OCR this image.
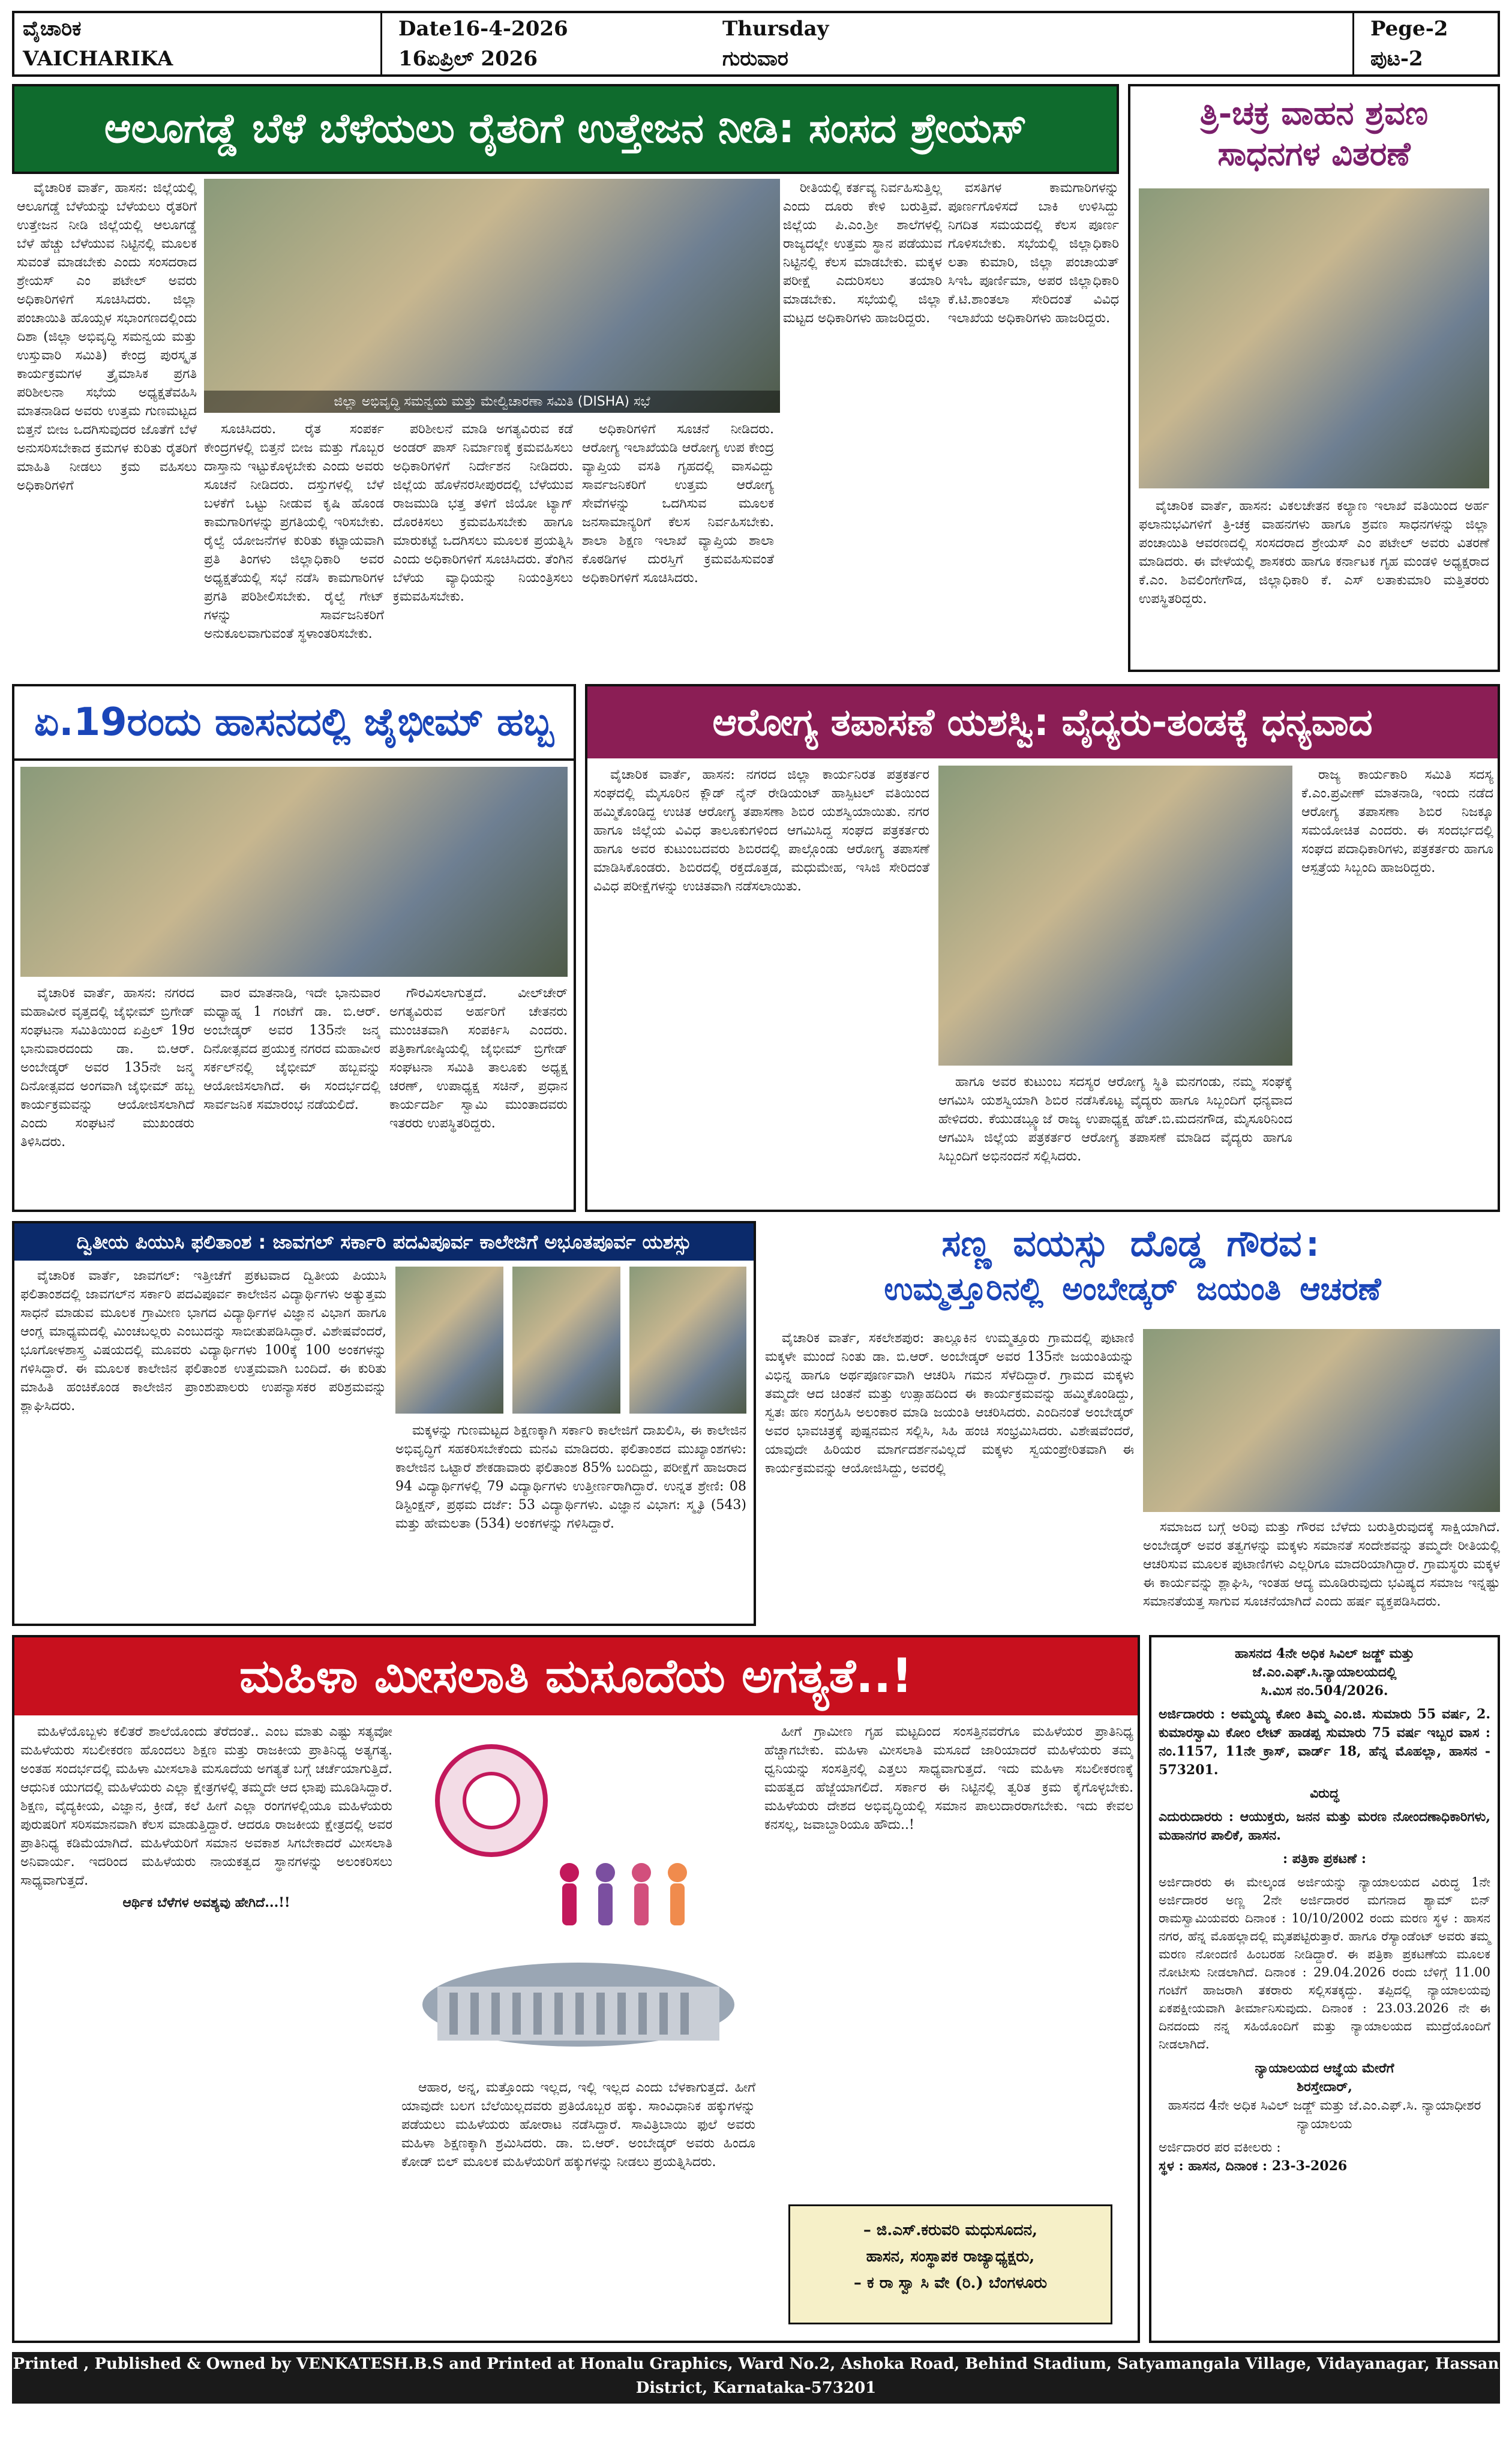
ವೈಚಾರಿಕ
VAICHARIKA
Date16-4-2026
16ಏಪ್ರಿಲ್ 2026
Thursday
ಗುರುವಾರ
Pege-2
ಪುಟ-2
ಆಲೂಗಡ್ಡೆ ಬೆಳೆ ಬೆಳೆಯಲು ರೈತರಿಗೆ ಉತ್ತೇಜನ ನೀಡಿ: ಸಂಸದ ಶ್ರೇಯಸ್

ವೈಚಾರಿಕ ವಾರ್ತೆ, ಹಾಸನ: ಜಿಲ್ಲೆಯಲ್ಲಿ ಆಲೂಗಡ್ಡೆ ಬೆಳೆಯನ್ನು ಬೆಳೆಯಲು ರೈತರಿಗೆ ಉತ್ತೇಜನ ನೀಡಿ ಜಿಲ್ಲೆಯಲ್ಲಿ ಆಲೂಗಡ್ಡೆ ಬೆಳೆ ಹೆಚ್ಚು ಬೆಳೆಯುವ ನಿಟ್ಟಿನಲ್ಲಿ ಮೂಲಕ ಸುವಂತೆ ಮಾಡಬೇಕು ಎಂದು ಸಂಸದರಾದ ಶ್ರೇಯಸ್ ಎಂ ಪಟೇಲ್ ಅವರು ಅಧಿಕಾರಿಗಳಿಗೆ ಸೂಚಿಸಿದರು. ಜಿಲ್ಲಾ ಪಂಚಾಯಿತಿ ಹೊಯ್ಸಳ ಸಭಾಂಗಣದಲ್ಲಿಂದು ದಿಶಾ (ಜಿಲ್ಲಾ ಅಭಿವೃದ್ಧಿ ಸಮನ್ವಯ ಮತ್ತು ಉಸ್ತುವಾರಿ ಸಮಿತಿ) ಕೇಂದ್ರ ಪುರಸ್ಕೃತ ಕಾರ್ಯಕ್ರಮಗಳ ತ್ರೈಮಾಸಿಕ ಪ್ರಗತಿ ಪರಿಶೀಲನಾ ಸಭೆಯ ಅಧ್ಯಕ್ಷತೆವಹಿಸಿ ಮಾತನಾಡಿದ ಅವರು ಉತ್ತಮ ಗುಣಮಟ್ಟದ ಬಿತ್ತನೆ ಬೀಜ ಒದಗಿಸುವುದರ ಜೊತೆಗೆ ಬೆಳೆ ಅನುಸರಿಸಬೇಕಾದ ಕ್ರಮಗಳ ಕುರಿತು ರೈತರಿಗೆ ಮಾಹಿತಿ ನೀಡಲು ಕ್ರಮ ವಹಿಸಲು ಅಧಿಕಾರಿಗಳಿಗೆ

ಜಿಲ್ಲಾ ಅಭಿವೃದ್ಧಿ ಸಮನ್ವಯ ಮತ್ತು ಮೇಲ್ವಿಚಾರಣಾ ಸಮಿತಿ (DISHA) ಸಭೆ

ಸೂಚಿಸಿದರು. ರೈತ ಸಂಪರ್ಕ ಕೇಂದ್ರಗಳಲ್ಲಿ ಬಿತ್ತನೆ ಬೀಜ ಮತ್ತು ಗೊಬ್ಬರ ದಾಸ್ತಾನು ಇಟ್ಟುಕೊಳ್ಳಬೇಕು ಎಂದು ಅವರು ಸೂಚನೆ ನೀಡಿದರು. ದಸ್ತುಗಳಲ್ಲಿ ಬೆಳೆ ಬಳಕೆಗೆ ಒಟ್ಟು ನೀಡುವ ಕೃಷಿ ಹೊಂಡ ಕಾಮಗಾರಿಗಳನ್ನು ಪ್ರಗತಿಯಲ್ಲಿ ಇರಿಸಬೇಕು. ರೈಲ್ವೆ ಯೋಜನೆಗಳ ಕುರಿತು ಕಟ್ಟಾಯವಾಗಿ ಪ್ರತಿ ತಿಂಗಳು ಜಿಲ್ಲಾಧಿಕಾರಿ ಅವರ ಅಧ್ಯಕ್ಷತೆಯಲ್ಲಿ ಸಭೆ ನಡೆಸಿ ಕಾಮಗಾರಿಗಳ ಪ್ರಗತಿ ಪರಿಶೀಲಿಸಬೇಕು. ರೈಲ್ವೆ ಗೇಟ್ ಗಳನ್ನು ಸಾರ್ವಜನಿಕರಿಗೆ ಅನುಕೂಲವಾಗುವಂತೆ ಸ್ಥಳಾಂತರಿಸಬೇಕು.

ಪರಿಶೀಲನೆ ಮಾಡಿ ಅಗತ್ಯವಿರುವ ಕಡೆ ಅಂಡರ್ ಪಾಸ್ ನಿರ್ಮಾಣಕ್ಕೆ ಕ್ರಮವಹಿಸಲು ಅಧಿಕಾರಿಗಳಿಗೆ ನಿರ್ದೇಶನ ನೀಡಿದರು. ಜಿಲ್ಲೆಯ ಹೊಳೆನರಸೀಪುರದಲ್ಲಿ ಬೆಳೆಯುವ ರಾಜಮುಡಿ ಭತ್ತ ತಳಿಗೆ ಜಿಯೋ ಟ್ಯಾಗ್ ದೊರಕಿಸಲು ಕ್ರಮವಹಿಸಬೇಕು ಹಾಗೂ ಮಾರುಕಟ್ಟೆ ಒದಗಿಸಲು ಮೂಲಕ ಪ್ರಯತ್ನಿಸಿ ಎಂದು ಅಧಿಕಾರಿಗಳಿಗೆ ಸೂಚಿಸಿದರು. ತೆಂಗಿನ ಬೆಳೆಯ ವ್ಯಾಧಿಯನ್ನು ನಿಯಂತ್ರಿಸಲು ಕ್ರಮವಹಿಸಬೇಕು.

ಅಧಿಕಾರಿಗಳಿಗೆ ಸೂಚನೆ ನೀಡಿದರು. ಆರೋಗ್ಯ ಇಲಾಖೆಯಡಿ ಆರೋಗ್ಯ ಉಪ ಕೇಂದ್ರ ವ್ಯಾಪ್ತಿಯ ವಸತಿ ಗೃಹದಲ್ಲಿ ವಾಸವಿದ್ದು ಸಾರ್ವಜನಿಕರಿಗೆ ಉತ್ತಮ ಆರೋಗ್ಯ ಸೇವೆಗಳನ್ನು ಒದಗಿಸುವ ಮೂಲಕ ಜನಸಾಮಾನ್ಯರಿಗೆ ಕೆಲಸ ನಿರ್ವಹಿಸಬೇಕು. ಶಾಲಾ ಶಿಕ್ಷಣ ಇಲಾಖೆ ವ್ಯಾಪ್ತಿಯ ಶಾಲಾ ಕೊಠಡಿಗಳ ದುರಸ್ತಿಗೆ ಕ್ರಮವಹಿಸುವಂತೆ ಅಧಿಕಾರಿಗಳಿಗೆ ಸೂಚಿಸಿದರು.

ರೀತಿಯಲ್ಲಿ ಕರ್ತವ್ಯ ನಿರ್ವಹಿಸುತ್ತಿಲ್ಲ ಎಂದು ದೂರು ಕೇಳಿ ಬರುತ್ತಿವೆ. ಜಿಲ್ಲೆಯ ಪಿ.ಎಂ.ಶ್ರೀ ಶಾಲೆಗಳಲ್ಲಿ ರಾಜ್ಯದಲ್ಲೇ ಉತ್ತಮ ಸ್ಥಾನ ಪಡೆಯುವ ನಿಟ್ಟಿನಲ್ಲಿ ಕೆಲಸ ಮಾಡಬೇಕು. ಮಕ್ಕಳ ಪರೀಕ್ಷೆ ಎದುರಿಸಲು ತಯಾರಿ ಮಾಡಬೇಕು. ಸಭೆಯಲ್ಲಿ ಜಿಲ್ಲಾ ಮಟ್ಟದ ಅಧಿಕಾರಿಗಳು ಹಾಜರಿದ್ದರು.

ವಸತಿಗಳ ಕಾಮಗಾರಿಗಳನ್ನು ಪೂರ್ಣಗೊಳಿಸದೆ ಬಾಕಿ ಉಳಿಸಿದ್ದು ನಿಗದಿತ ಸಮಯದಲ್ಲಿ ಕೆಲಸ ಪೂರ್ಣ ಗೊಳಿಸಬೇಕು. ಸಭೆಯಲ್ಲಿ ಜಿಲ್ಲಾಧಿಕಾರಿ ಲತಾ ಕುಮಾರಿ, ಜಿಲ್ಲಾ ಪಂಚಾಯತ್ ಸಿಇಓ ಪೂರ್ಣಿಮಾ, ಅಪರ ಜಿಲ್ಲಾಧಿಕಾರಿ ಕೆ.ಟಿ.ಶಾಂತಲಾ ಸೇರಿದಂತೆ ವಿವಿಧ ಇಲಾಖೆಯ ಅಧಿಕಾರಿಗಳು ಹಾಜರಿದ್ದರು.

ತ್ರಿ-ಚಕ್ರ ವಾಹನ ಶ್ರವಣ
ಸಾಧನಗಳ ವಿತರಣೆ

ವೈಚಾರಿಕ ವಾರ್ತೆ, ಹಾಸನ: ವಿಕಲಚೇತನ ಕಲ್ಯಾಣ ಇಲಾಖೆ ವತಿಯಿಂದ ಅರ್ಹ ಫಲಾನುಭವಿಗಳಿಗೆ ತ್ರಿ-ಚಕ್ರ ವಾಹನಗಳು ಹಾಗೂ ಶ್ರವಣ ಸಾಧನಗಳನ್ನು ಜಿಲ್ಲಾ ಪಂಚಾಯಿತಿ ಆವರಣದಲ್ಲಿ ಸಂಸದರಾದ ಶ್ರೇಯಸ್ ಎಂ ಪಟೇಲ್ ಅವರು ವಿತರಣೆ ಮಾಡಿದರು. ಈ ವೇಳೆಯಲ್ಲಿ ಶಾಸಕರು ಹಾಗೂ ಕರ್ನಾಟಕ ಗೃಹ ಮಂಡಳಿ ಅಧ್ಯಕ್ಷರಾದ ಕೆ.ಎಂ. ಶಿವಲಿಂಗೇಗೌಡ, ಜಿಲ್ಲಾಧಿಕಾರಿ ಕೆ. ಎಸ್ ಲತಾಕುಮಾರಿ ಮತ್ತಿತರರು ಉಪಸ್ಥಿತರಿದ್ದರು.

ಏ.19ರಂದು ಹಾಸನದಲ್ಲಿ ಜೈಭೀಮ್ ಹಬ್ಬ

ವೈಚಾರಿಕ ವಾರ್ತೆ, ಹಾಸನ: ನಗರದ ಮಹಾವೀರ ವೃತ್ತದಲ್ಲಿ ಜೈಭೀಮ್ ಬ್ರಿಗೇಡ್ ಸಂಘಟನಾ ಸಮಿತಿಯಿಂದ ಏಪ್ರಿಲ್ 19ರ ಭಾನುವಾರದಂದು ಡಾ. ಬಿ.ಆರ್. ಅಂಬೇಡ್ಕರ್ ಅವರ 135ನೇ ಜನ್ಮ ದಿನೋತ್ಸವದ ಅಂಗವಾಗಿ ಜೈಭೀಮ್ ಹಬ್ಬ ಕಾರ್ಯಕ್ರಮವನ್ನು ಆಯೋಜಿಸಲಾಗಿದೆ ಎಂದು ಸಂಘಟನೆ ಮುಖಂಡರು ತಿಳಿಸಿದರು.

ವಾರ ಮಾತನಾಡಿ, ಇದೇ ಭಾನುವಾರ ಮಧ್ಯಾಹ್ನ 1 ಗಂಟೆಗೆ ಡಾ. ಬಿ.ಆರ್. ಅಂಬೇಡ್ಕರ್ ಅವರ 135ನೇ ಜನ್ಮ ದಿನೋತ್ಸವದ ಪ್ರಯುಕ್ತ ನಗರದ ಮಹಾವೀರ ಸರ್ಕಲ್‌ನಲ್ಲಿ ಜೈಭೀಮ್ ಹಬ್ಬವನ್ನು ಆಯೋಜಿಸಲಾಗಿದೆ. ಈ ಸಂದರ್ಭದಲ್ಲಿ ಸಾರ್ವಜನಿಕ ಸಮಾರಂಭ ನಡೆಯಲಿದೆ.

ಗೌರವಿಸಲಾಗುತ್ತದೆ. ವೀಲ್‌ಚೇರ್ ಅಗತ್ಯವಿರುವ ಅರ್ಹರಿಗೆ ಚೇತನರು ಮುಂಚಿತವಾಗಿ ಸಂಪರ್ಕಿಸಿ ಎಂದರು. ಪತ್ರಿಕಾಗೋಷ್ಠಿಯಲ್ಲಿ ಜೈಭೀಮ್ ಬ್ರಿಗೇಡ್ ಸಂಘಟನಾ ಸಮಿತಿ ತಾಲೂಕು ಅಧ್ಯಕ್ಷ ಚರಣ್, ಉಪಾಧ್ಯಕ್ಷ ಸಚಿನ್, ಪ್ರಧಾನ ಕಾರ್ಯದರ್ಶಿ ಸ್ವಾಮಿ ಮುಂತಾದವರು ಇತರರು ಉಪಸ್ಥಿತರಿದ್ದರು.

ಆರೋಗ್ಯ ತಪಾಸಣೆ ಯಶಸ್ವಿ: ವೈದ್ಯರು-ತಂಡಕ್ಕೆ ಧನ್ಯವಾದ

ವೈಚಾರಿಕ ವಾರ್ತೆ, ಹಾಸನ: ನಗರದ ಜಿಲ್ಲಾ ಕಾರ್ಯನಿರತ ಪತ್ರಕರ್ತರ ಸಂಘದಲ್ಲಿ ಮೈಸೂರಿನ ಕ್ಲೌಡ್ ನೈನ್ ರೇಡಿಯಂಟ್ ಹಾಸ್ಪಿಟಲ್ ವತಿಯಿಂದ ಹಮ್ಮಿಕೊಂಡಿದ್ದ ಉಚಿತ ಆರೋಗ್ಯ ತಪಾಸಣಾ ಶಿಬಿರ ಯಶಸ್ವಿಯಾಯಿತು. ನಗರ ಹಾಗೂ ಜಿಲ್ಲೆಯ ವಿವಿಧ ತಾಲೂಕುಗಳಿಂದ ಆಗಮಿಸಿದ್ದ ಸಂಘದ ಪತ್ರಕರ್ತರು ಹಾಗೂ ಅವರ ಕುಟುಂಬದವರು ಶಿಬಿರದಲ್ಲಿ ಪಾಲ್ಗೊಂಡು ಆರೋಗ್ಯ ತಪಾಸಣೆ ಮಾಡಿಸಿಕೊಂಡರು. ಶಿಬಿರದಲ್ಲಿ ರಕ್ತದೊತ್ತಡ, ಮಧುಮೇಹ, ಇಸಿಜಿ ಸೇರಿದಂತೆ ವಿವಿಧ ಪರೀಕ್ಷೆಗಳನ್ನು ಉಚಿತವಾಗಿ ನಡೆಸಲಾಯಿತು.

ಹಾಗೂ ಅವರ ಕುಟುಂಬ ಸದಸ್ಯರ ಆರೋಗ್ಯ ಸ್ಥಿತಿ ಮನಗಂಡು, ನಮ್ಮ ಸಂಘಕ್ಕೆ ಆಗಮಿಸಿ ಯಶಸ್ವಿಯಾಗಿ ಶಿಬಿರ ನಡೆಸಿಕೊಟ್ಟ ವೈದ್ಯರು ಹಾಗೂ ಸಿಬ್ಬಂದಿಗೆ ಧನ್ಯವಾದ ಹೇಳಿದರು. ಕೆಯುಡಬ್ಲ್ಯೂಜೆ ರಾಜ್ಯ ಉಪಾಧ್ಯಕ್ಷ ಹೆಚ್.ಬಿ.ಮದನಗೌಡ, ಮೈಸೂರಿನಿಂದ ಆಗಮಿಸಿ ಜಿಲ್ಲೆಯ ಪತ್ರಕರ್ತರ ಆರೋಗ್ಯ ತಪಾಸಣೆ ಮಾಡಿದ ವೈದ್ಯರು ಹಾಗೂ ಸಿಬ್ಬಂದಿಗೆ ಅಭಿನಂದನೆ ಸಲ್ಲಿಸಿದರು.

ರಾಜ್ಯ ಕಾರ್ಯಕಾರಿ ಸಮಿತಿ ಸದಸ್ಯ ಕೆ.ಎಂ.ಪ್ರವೀಣ್ ಮಾತನಾಡಿ, ಇಂದು ನಡೆದ ಆರೋಗ್ಯ ತಪಾಸಣಾ ಶಿಬಿರ ನಿಜಕ್ಕೂ ಸಮಯೋಚಿತ ಎಂದರು. ಈ ಸಂದರ್ಭದಲ್ಲಿ ಸಂಘದ ಪದಾಧಿಕಾರಿಗಳು, ಪತ್ರಕರ್ತರು ಹಾಗೂ ಆಸ್ಪತ್ರೆಯ ಸಿಬ್ಬಂದಿ ಹಾಜರಿದ್ದರು.

ದ್ವಿತೀಯ ಪಿಯುಸಿ ಫಲಿತಾಂಶ : ಜಾವಗಲ್ ಸರ್ಕಾರಿ ಪದವಿಪೂರ್ವ ಕಾಲೇಜಿಗೆ ಅಭೂತಪೂರ್ವ ಯಶಸ್ಸು

ವೈಚಾರಿಕ ವಾರ್ತೆ, ಜಾವಗಲ್: ಇತ್ತೀಚೆಗೆ ಪ್ರಕಟವಾದ ದ್ವಿತೀಯ ಪಿಯುಸಿ ಫಲಿತಾಂಶದಲ್ಲಿ ಜಾವಗಲ್‌ನ ಸರ್ಕಾರಿ ಪದವಿಪೂರ್ವ ಕಾಲೇಜಿನ ವಿದ್ಯಾರ್ಥಿಗಳು ಅತ್ಯುತ್ತಮ ಸಾಧನೆ ಮಾಡುವ ಮೂಲಕ ಗ್ರಾಮೀಣ ಭಾಗದ ವಿದ್ಯಾರ್ಥಿಗಳ ವಿಜ್ಞಾನ ವಿಭಾಗ ಹಾಗೂ ಆಂಗ್ಲ ಮಾಧ್ಯಮದಲ್ಲಿ ಮಿಂಚಬಲ್ಲರು ಎಂಬುದನ್ನು ಸಾಬೀತುಪಡಿಸಿದ್ದಾರೆ. ವಿಶೇಷವೆಂದರೆ, ಭೂಗೋಳಶಾಸ್ತ್ರ ವಿಷಯದಲ್ಲಿ ಮೂವರು ವಿದ್ಯಾರ್ಥಿಗಳು 100ಕ್ಕೆ 100 ಅಂಕಗಳನ್ನು ಗಳಿಸಿದ್ದಾರೆ. ಈ ಮೂಲಕ ಕಾಲೇಜಿನ ಫಲಿತಾಂಶ ಉತ್ತಮವಾಗಿ ಬಂದಿದೆ. ಈ ಕುರಿತು ಮಾಹಿತಿ ಹಂಚಿಕೊಂಡ ಕಾಲೇಜಿನ ಪ್ರಾಂಶುಪಾಲರು ಉಪನ್ಯಾಸಕರ ಪರಿಶ್ರಮವನ್ನು ಶ್ಲಾಘಿಸಿದರು.

ಮಕ್ಕಳನ್ನು ಗುಣಮಟ್ಟದ ಶಿಕ್ಷಣಕ್ಕಾಗಿ ಸರ್ಕಾರಿ ಕಾಲೇಜಿಗೆ ದಾಖಲಿಸಿ, ಈ ಕಾಲೇಜಿನ ಅಭಿವೃದ್ಧಿಗೆ ಸಹಕರಿಸಬೇಕೆಂದು ಮನವಿ ಮಾಡಿದರು. ಫಲಿತಾಂಶದ ಮುಖ್ಯಾಂಶಗಳು: ಕಾಲೇಜಿನ ಒಟ್ಟಾರೆ ಶೇಕಡಾವಾರು ಫಲಿತಾಂಶ 85% ಬಂದಿದ್ದು, ಪರೀಕ್ಷೆಗೆ ಹಾಜರಾದ 94 ವಿದ್ಯಾರ್ಥಿಗಳಲ್ಲಿ 79 ವಿದ್ಯಾರ್ಥಿಗಳು ಉತ್ತೀರ್ಣರಾಗಿದ್ದಾರೆ. ಉನ್ನತ ಶ್ರೇಣಿ: 08 ಡಿಸ್ಟಿಂಕ್ಷನ್, ಪ್ರಥಮ ದರ್ಜೆ: 53 ವಿದ್ಯಾರ್ಥಿಗಳು. ವಿಜ್ಞಾನ ವಿಭಾಗ: ಸ್ಮೃತಿ (543) ಮತ್ತು ಹೇಮಲತಾ (534) ಅಂಕಗಳನ್ನು ಗಳಿಸಿದ್ದಾರೆ.

ಸಣ್ಣ ವಯಸ್ಸು ದೊಡ್ಡ ಗೌರವ:
ಉಮ್ಮತ್ತೂರಿನಲ್ಲಿ ಅಂಬೇಡ್ಕರ್ ಜಯಂತಿ ಆಚರಣೆ

ವೈಚಾರಿಕ ವಾರ್ತೆ, ಸಕಲೇಶಪುರ: ತಾಲ್ಲೂಕಿನ ಉಮ್ಮತ್ತೂರು ಗ್ರಾಮದಲ್ಲಿ ಪುಟಾಣಿ ಮಕ್ಕಳೇ ಮುಂದೆ ನಿಂತು ಡಾ. ಬಿ.ಆರ್. ಅಂಬೇಡ್ಕರ್ ಅವರ 135ನೇ ಜಯಂತಿಯನ್ನು ವಿಭಿನ್ನ ಹಾಗೂ ಅರ್ಥಪೂರ್ಣವಾಗಿ ಆಚರಿಸಿ ಗಮನ ಸೆಳೆದಿದ್ದಾರೆ. ಗ್ರಾಮದ ಮಕ್ಕಳು ತಮ್ಮದೇ ಆದ ಚಿಂತನೆ ಮತ್ತು ಉತ್ಸಾಹದಿಂದ ಈ ಕಾರ್ಯಕ್ರಮವನ್ನು ಹಮ್ಮಿಕೊಂಡಿದ್ದು, ಸ್ವತಃ ಹಣ ಸಂಗ್ರಹಿಸಿ ಅಲಂಕಾರ ಮಾಡಿ ಜಯಂತಿ ಆಚರಿಸಿದರು. ಎಂದಿನಂತೆ ಅಂಬೇಡ್ಕರ್ ಅವರ ಭಾವಚಿತ್ರಕ್ಕೆ ಪುಷ್ಪನಮನ ಸಲ್ಲಿಸಿ, ಸಿಹಿ ಹಂಚಿ ಸಂಭ್ರಮಿಸಿದರು. ವಿಶೇಷವೆಂದರೆ, ಯಾವುದೇ ಹಿರಿಯರ ಮಾರ್ಗದರ್ಶನವಿಲ್ಲದೆ ಮಕ್ಕಳು ಸ್ವಯಂಪ್ರೇರಿತವಾಗಿ ಈ ಕಾರ್ಯಕ್ರಮವನ್ನು ಆಯೋಜಿಸಿದ್ದು, ಅವರಲ್ಲಿ

ಸಮಾಜದ ಬಗ್ಗೆ ಅರಿವು ಮತ್ತು ಗೌರವ ಬೆಳೆದು ಬರುತ್ತಿರುವುದಕ್ಕೆ ಸಾಕ್ಷಿಯಾಗಿದೆ. ಅಂಬೇಡ್ಕರ್ ಅವರ ತತ್ವಗಳನ್ನು ಮಕ್ಕಳು ಸಮಾನತೆ ಸಂದೇಶವನ್ನು ತಮ್ಮದೇ ರೀತಿಯಲ್ಲಿ ಆಚರಿಸುವ ಮೂಲಕ ಪುಟಾಣಿಗಳು ಎಲ್ಲರಿಗೂ ಮಾದರಿಯಾಗಿದ್ದಾರೆ. ಗ್ರಾಮಸ್ಥರು ಮಕ್ಕಳ ಈ ಕಾರ್ಯವನ್ನು ಶ್ಲಾಘಿಸಿ, ಇಂತಹ ಆದ್ಯ ಮೂಡಿರುವುದು ಭವಿಷ್ಯದ ಸಮಾಜ ಇನ್ನಷ್ಟು ಸಮಾನತೆಯತ್ತ ಸಾಗುವ ಸೂಚನೆಯಾಗಿದೆ ಎಂದು ಹರ್ಷ ವ್ಯಕ್ತಪಡಿಸಿದರು.

ಮಹಿಳಾ ಮೀಸಲಾತಿ ಮಸೂದೆಯ ಅಗತ್ಯತೆ..!

ಮಹಿಳೆಯೊಬ್ಬಳು ಕಲಿತರೆ ಶಾಲೆಯೊಂದು ತೆರೆದಂತೆ.. ಎಂಬ ಮಾತು ಎಷ್ಟು ಸತ್ಯವೋ ಮಹಿಳೆಯರು ಸಬಲೀಕರಣ ಹೊಂದಲು ಶಿಕ್ಷಣ ಮತ್ತು ರಾಜಕೀಯ ಪ್ರಾತಿನಿಧ್ಯ ಅತ್ಯಗತ್ಯ. ಅಂತಹ ಸಂದರ್ಭದಲ್ಲಿ ಮಹಿಳಾ ಮೀಸಲಾತಿ ಮಸೂದೆಯ ಅಗತ್ಯತೆ ಬಗ್ಗೆ ಚರ್ಚೆಯಾಗುತ್ತಿದೆ. ಆಧುನಿಕ ಯುಗದಲ್ಲಿ ಮಹಿಳೆಯರು ಎಲ್ಲಾ ಕ್ಷೇತ್ರಗಳಲ್ಲಿ ತಮ್ಮದೇ ಆದ ಛಾಪು ಮೂಡಿಸಿದ್ದಾರೆ. ಶಿಕ್ಷಣ, ವೈದ್ಯಕೀಯ, ವಿಜ್ಞಾನ, ಕ್ರೀಡೆ, ಕಲೆ ಹೀಗೆ ಎಲ್ಲಾ ರಂಗಗಳಲ್ಲಿಯೂ ಮಹಿಳೆಯರು ಪುರುಷರಿಗೆ ಸರಿಸಮಾನವಾಗಿ ಕೆಲಸ ಮಾಡುತ್ತಿದ್ದಾರೆ. ಆದರೂ ರಾಜಕೀಯ ಕ್ಷೇತ್ರದಲ್ಲಿ ಅವರ ಪ್ರಾತಿನಿಧ್ಯ ಕಡಿಮೆಯಾಗಿದೆ. ಮಹಿಳೆಯರಿಗೆ ಸಮಾನ ಅವಕಾಶ ಸಿಗಬೇಕಾದರೆ ಮೀಸಲಾತಿ ಅನಿವಾರ್ಯ. ಇದರಿಂದ ಮಹಿಳೆಯರು ನಾಯಕತ್ವದ ಸ್ಥಾನಗಳನ್ನು ಅಲಂಕರಿಸಲು ಸಾಧ್ಯವಾಗುತ್ತದೆ.

ಆರ್ಥಿಕ ಬೆಳೆಗಳ ಅವಶ್ಯವು ಹೇಗಿದೆ...!!

ಆಹಾರ, ಅನ್ನ, ಮತ್ತೊಂದು ಇಲ್ಲದ, ಇಲ್ಲಿ ಇಲ್ಲದ ಎಂದು ಬೆಳಕಾಗುತ್ತದೆ. ಹೀಗೆ ಯಾವುದೇ ಬಲಗ ಬೆಲೆಯಿಲ್ಲದವರು ಪ್ರತಿಯೊಬ್ಬರ ಹಕ್ಕು. ಸಾಂವಿಧಾನಿಕ ಹಕ್ಕುಗಳನ್ನು ಪಡೆಯಲು ಮಹಿಳೆಯರು ಹೋರಾಟ ನಡೆಸಿದ್ದಾರೆ. ಸಾವಿತ್ರಿಬಾಯಿ ಫುಲೆ ಅವರು ಮಹಿಳಾ ಶಿಕ್ಷಣಕ್ಕಾಗಿ ಶ್ರಮಿಸಿದರು. ಡಾ. ಬಿ.ಆರ್. ಅಂಬೇಡ್ಕರ್ ಅವರು ಹಿಂದೂ ಕೋಡ್ ಬಿಲ್ ಮೂಲಕ ಮಹಿಳೆಯರಿಗೆ ಹಕ್ಕುಗಳನ್ನು ನೀಡಲು ಪ್ರಯತ್ನಿಸಿದರು.

ಹೀಗೆ ಗ್ರಾಮೀಣ ಗೃಹ ಮಟ್ಟದಿಂದ ಸಂಸತ್ತಿನವರೆಗೂ ಮಹಿಳೆಯರ ಪ್ರಾತಿನಿಧ್ಯ ಹೆಚ್ಚಾಗಬೇಕು. ಮಹಿಳಾ ಮೀಸಲಾತಿ ಮಸೂದೆ ಜಾರಿಯಾದರೆ ಮಹಿಳೆಯರು ತಮ್ಮ ಧ್ವನಿಯನ್ನು ಸಂಸತ್ತಿನಲ್ಲಿ ಎತ್ತಲು ಸಾಧ್ಯವಾಗುತ್ತದೆ. ಇದು ಮಹಿಳಾ ಸಬಲೀಕರಣಕ್ಕೆ ಮಹತ್ವದ ಹೆಜ್ಜೆಯಾಗಲಿದೆ. ಸರ್ಕಾರ ಈ ನಿಟ್ಟಿನಲ್ಲಿ ತ್ವರಿತ ಕ್ರಮ ಕೈಗೊಳ್ಳಬೇಕು. ಮಹಿಳೆಯರು ದೇಶದ ಅಭಿವೃದ್ಧಿಯಲ್ಲಿ ಸಮಾನ ಪಾಲುದಾರರಾಗಬೇಕು. ಇದು ಕೇವಲ ಕನಸಲ್ಲ, ಜವಾಬ್ದಾರಿಯೂ ಹೌದು..!

– ಜಿ.ಎಸ್.ಕರುವರಿ ಮಧುಸೂದನ,
ಹಾಸನ, ಸಂಸ್ಥಾಪಕ ರಾಜ್ಯಾಧ್ಯಕ್ಷರು,
– ಕ ರಾ ಸ್ವಾ ಸಿ ವೇ (ರಿ.) ಬೆಂಗಳೂರು
ಹಾಸನದ 4ನೇ ಅಧಿಕ ಸಿವಿಲ್ ಜಡ್ಜ್ ಮತ್ತು
ಜೆ.ಎಂ.ಎಫ್.ಸಿ.ನ್ಯಾಯಾಲಯದಲ್ಲಿ
ಸಿ.ಮಿಸ ನಂ.504/2026.
ಅರ್ಜಿದಾರರು : ಅಮ್ಮಯ್ಯ ಕೋಂ ತಿಮ್ಮ ಎಂ.ಜಿ. ಸುಮಾರು 55 ವರ್ಷ, 2. ಕುಮಾರಸ್ವಾಮಿ ಕೋಂ ಲೇಟ್ ಹಾಡಪ್ಪ ಸುಮಾರು 75 ವರ್ಷ ಇಬ್ಬರ ವಾಸ : ನಂ.1157, 11ನೇ ಕ್ರಾಸ್, ವಾರ್ಡ್ 18, ಹೆನ್ನ ಮೊಹಲ್ಲಾ, ಹಾಸನ - 573201.
ವಿರುದ್ಧ
ಎದುರುದಾರರು : ಆಯುಕ್ತರು, ಜನನ ಮತ್ತು ಮರಣ ನೋಂದಣಾಧಿಕಾರಿಗಳು, ಮಹಾನಗರ ಪಾಲಿಕೆ, ಹಾಸನ.
: ಪತ್ರಿಕಾ ಪ್ರಕಟಣೆ :
ಅರ್ಜಿದಾರರು ಈ ಮೇಲ್ಕಂಡ ಅರ್ಜಿಯನ್ನು ನ್ಯಾಯಾಲಯದ ವಿರುದ್ಧ 1ನೇ ಅರ್ಜಿದಾರರ ಅಣ್ಣ 2ನೇ ಅರ್ಜಿದಾರರ ಮಗನಾದ ಶ್ಯಾಮ್ ಬಿನ್ ರಾಮಸ್ವಾಮಿಯವರು ದಿನಾಂಕ : 10/10/2002 ರಂದು ಮರಣ ಸ್ಥಳ : ಹಾಸನ ನಗರ, ಹೆನ್ನ ಮೊಹಲ್ಲಾದಲ್ಲಿ ಮೃತಪಟ್ಟಿರುತ್ತಾರೆ. ಹಾಗೂ ರೆಸ್ಯಾಂಡೆಂಟ್ ಅವರು ತಮ್ಮ ಮರಣ ನೋಂದಣಿ ಹಿಂಬರಹ ನೀಡಿದ್ದಾರೆ. ಈ ಪತ್ರಿಕಾ ಪ್ರಕಟಣೆಯ ಮೂಲಕ ನೋಟೀಸು ನೀಡಲಾಗಿದೆ. ದಿನಾಂಕ : 29.04.2026 ರಂದು ಬೆಳಿಗ್ಗೆ 11.00 ಗಂಟೆಗೆ ಹಾಜರಾಗಿ ತಕರಾರು ಸಲ್ಲಿಸತಕ್ಕದ್ದು. ತಪ್ಪಿದಲ್ಲಿ ನ್ಯಾಯಾಲಯವು ಏಕಪಕ್ಷೀಯವಾಗಿ ತೀರ್ಮಾನಿಸುವುದು. ದಿನಾಂಕ : 23.03.2026 ನೇ ಈ ದಿನದಂದು ನನ್ನ ಸಹಿಯೊಂದಿಗೆ ಮತ್ತು ನ್ಯಾಯಾಲಯದ ಮುದ್ರೆಯೊಂದಿಗೆ ನೀಡಲಾಗಿದೆ.
ನ್ಯಾಯಾಲಯದ ಆಜ್ಞೆಯ ಮೇರೆಗೆ
ಶಿರಸ್ತೇದಾರ್,
ಹಾಸನದ 4ನೇ ಅಧಿಕ ಸಿವಿಲ್ ಜಡ್ಜ್ ಮತ್ತು ಜೆ.ಎಂ.ಎಫ್.ಸಿ. ನ್ಯಾಯಾಧೀಶರ ನ್ಯಾಯಾಲಯ
ಅರ್ಜಿದಾರರ ಪರ ವಕೀಲರು :
ಸ್ಥಳ : ಹಾಸನ, ದಿನಾಂಕ : 23-3-2026
Printed , Published & Owned by VENKATESH.B.S and Printed at Honalu Graphics, Ward No.2, Ashoka Road, Behind Stadium, Satyamangala Village, Vidayanagar, Hassan District, Karnataka-573201
and Published at House No.155, Ward No.13, Laksmi Nilaya, Vidyuth Nagara , Opposite MCE College , Salagame Road, Hassan-573201, Karnataka. Editor: VENKATESH.B.S
